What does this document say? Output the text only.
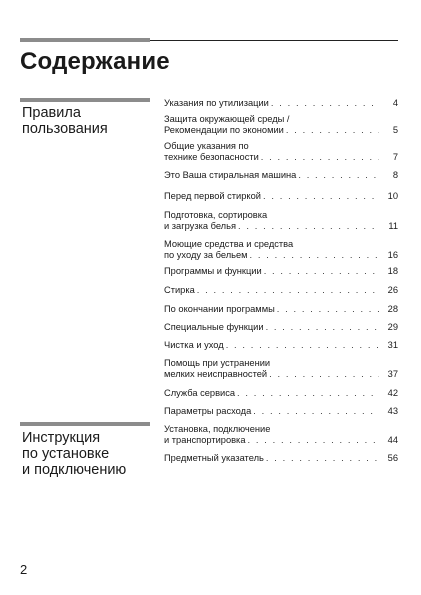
Содержание
Правила
пользования
Инструкция
по установке
и подключению
Указания по утилизации . . .	4
Защита окружающей среды /
Рекомендации по экономии . . .	5
Общие указания по
технике безопасности . . .	7
Это Ваша стиральная машина . . .	8
Перед первой стиркой . . .	10
Подготовка, сортировка
и загрузка белья . . .	11
Моющие средства и средства
по уходу за бельем . . .	16
Программы и функции . . .	18
Стирка . . .	26
По окончании программы . . .	28
Специальные функции . . .	29
Чистка и уход . . .	31
Помощь при устранении
мелких неисправностей . . .	37
Служба сервиса . . .	42
Параметры расхода . . .	43
Установка, подключение
и транспортировка . . .	44
Предметный указатель . . .	56

2
